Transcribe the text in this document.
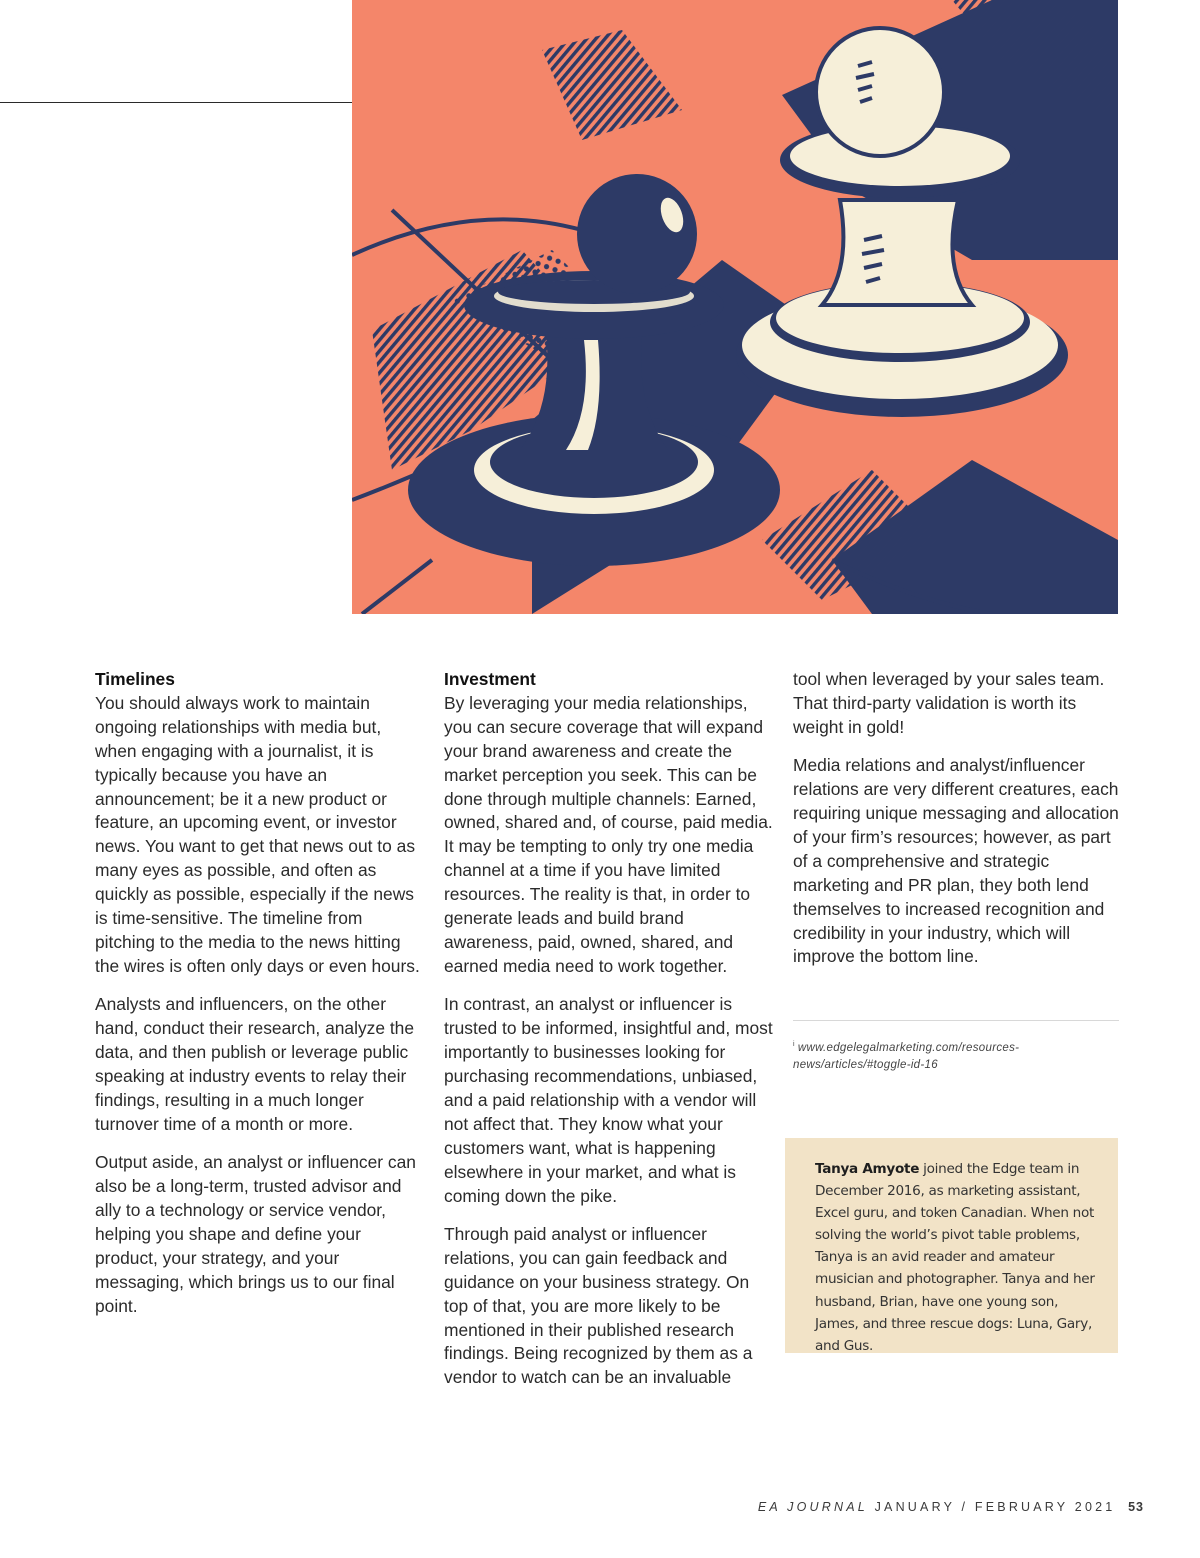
Timelines

You should always work to maintain ongoing relationships with media but, when engaging with a journalist, it is typically because you have an announcement; be it a new product or feature, an upcoming event, or investor news. You want to get that news out to as many eyes as possible, and often as quickly as possible, especially if the news is time-sensitive. The timeline from pitching to the media to the news hitting the wires is often only days or even hours.

Analysts and influencers, on the other hand, conduct their research, analyze the data, and then publish or leverage public speaking at industry events to relay their findings, resulting in a much longer turnover time of a month or more.

Output aside, an analyst or influencer can also be a long-term, trusted advisor and ally to a technology or service vendor, helping you shape and define your product, your strategy, and your messaging, which brings us to our final point.

Investment

By leveraging your media relationships, you can secure coverage that will expand your brand awareness and create the market perception you seek. This can be done through multiple channels: Earned, owned, shared and, of course, paid media. It may be tempting to only try one media channel at a time if you have limited resources. The reality is that, in order to generate leads and build brand awareness, paid, owned, shared, and earned media need to work together.

In contrast, an analyst or influencer is trusted to be informed, insightful and, most importantly to businesses looking for purchasing recommendations, unbiased, and a paid relationship with a vendor will not affect that. They know what your customers want, what is happening elsewhere in your market, and what is coming down the pike.

Through paid analyst or influencer relations, you can gain feedback and guidance on your business strategy. On top of that, you are more likely to be mentioned in their published research findings. Being recognized by them as a vendor to watch can be an invaluable

tool when leveraged by your sales team. That third-party validation is worth its weight in gold!

Media relations and analyst/influencer relations are very different creatures, each requiring unique messaging and allocation of your firm’s resources; however, as part of a comprehensive and strategic marketing and PR plan, they both lend themselves to increased recognition and credibility in your industry, which will improve the bottom line.

$^i$ www.edgelegalmarketing.com/resources-news/articles/#toggle-id-16
Tanya Amyote joined the Edge team in December 2016, as marketing assistant, Excel guru, and token Canadian. When not solving the world’s pivot table problems, Tanya is an avid reader and amateur musician and photographer. Tanya and her husband, Brian, have one young son, James, and three rescue dogs: Luna, Gary, and Gus.
EA JOURNAL JANUARY / FEBRUARY 2021 53
